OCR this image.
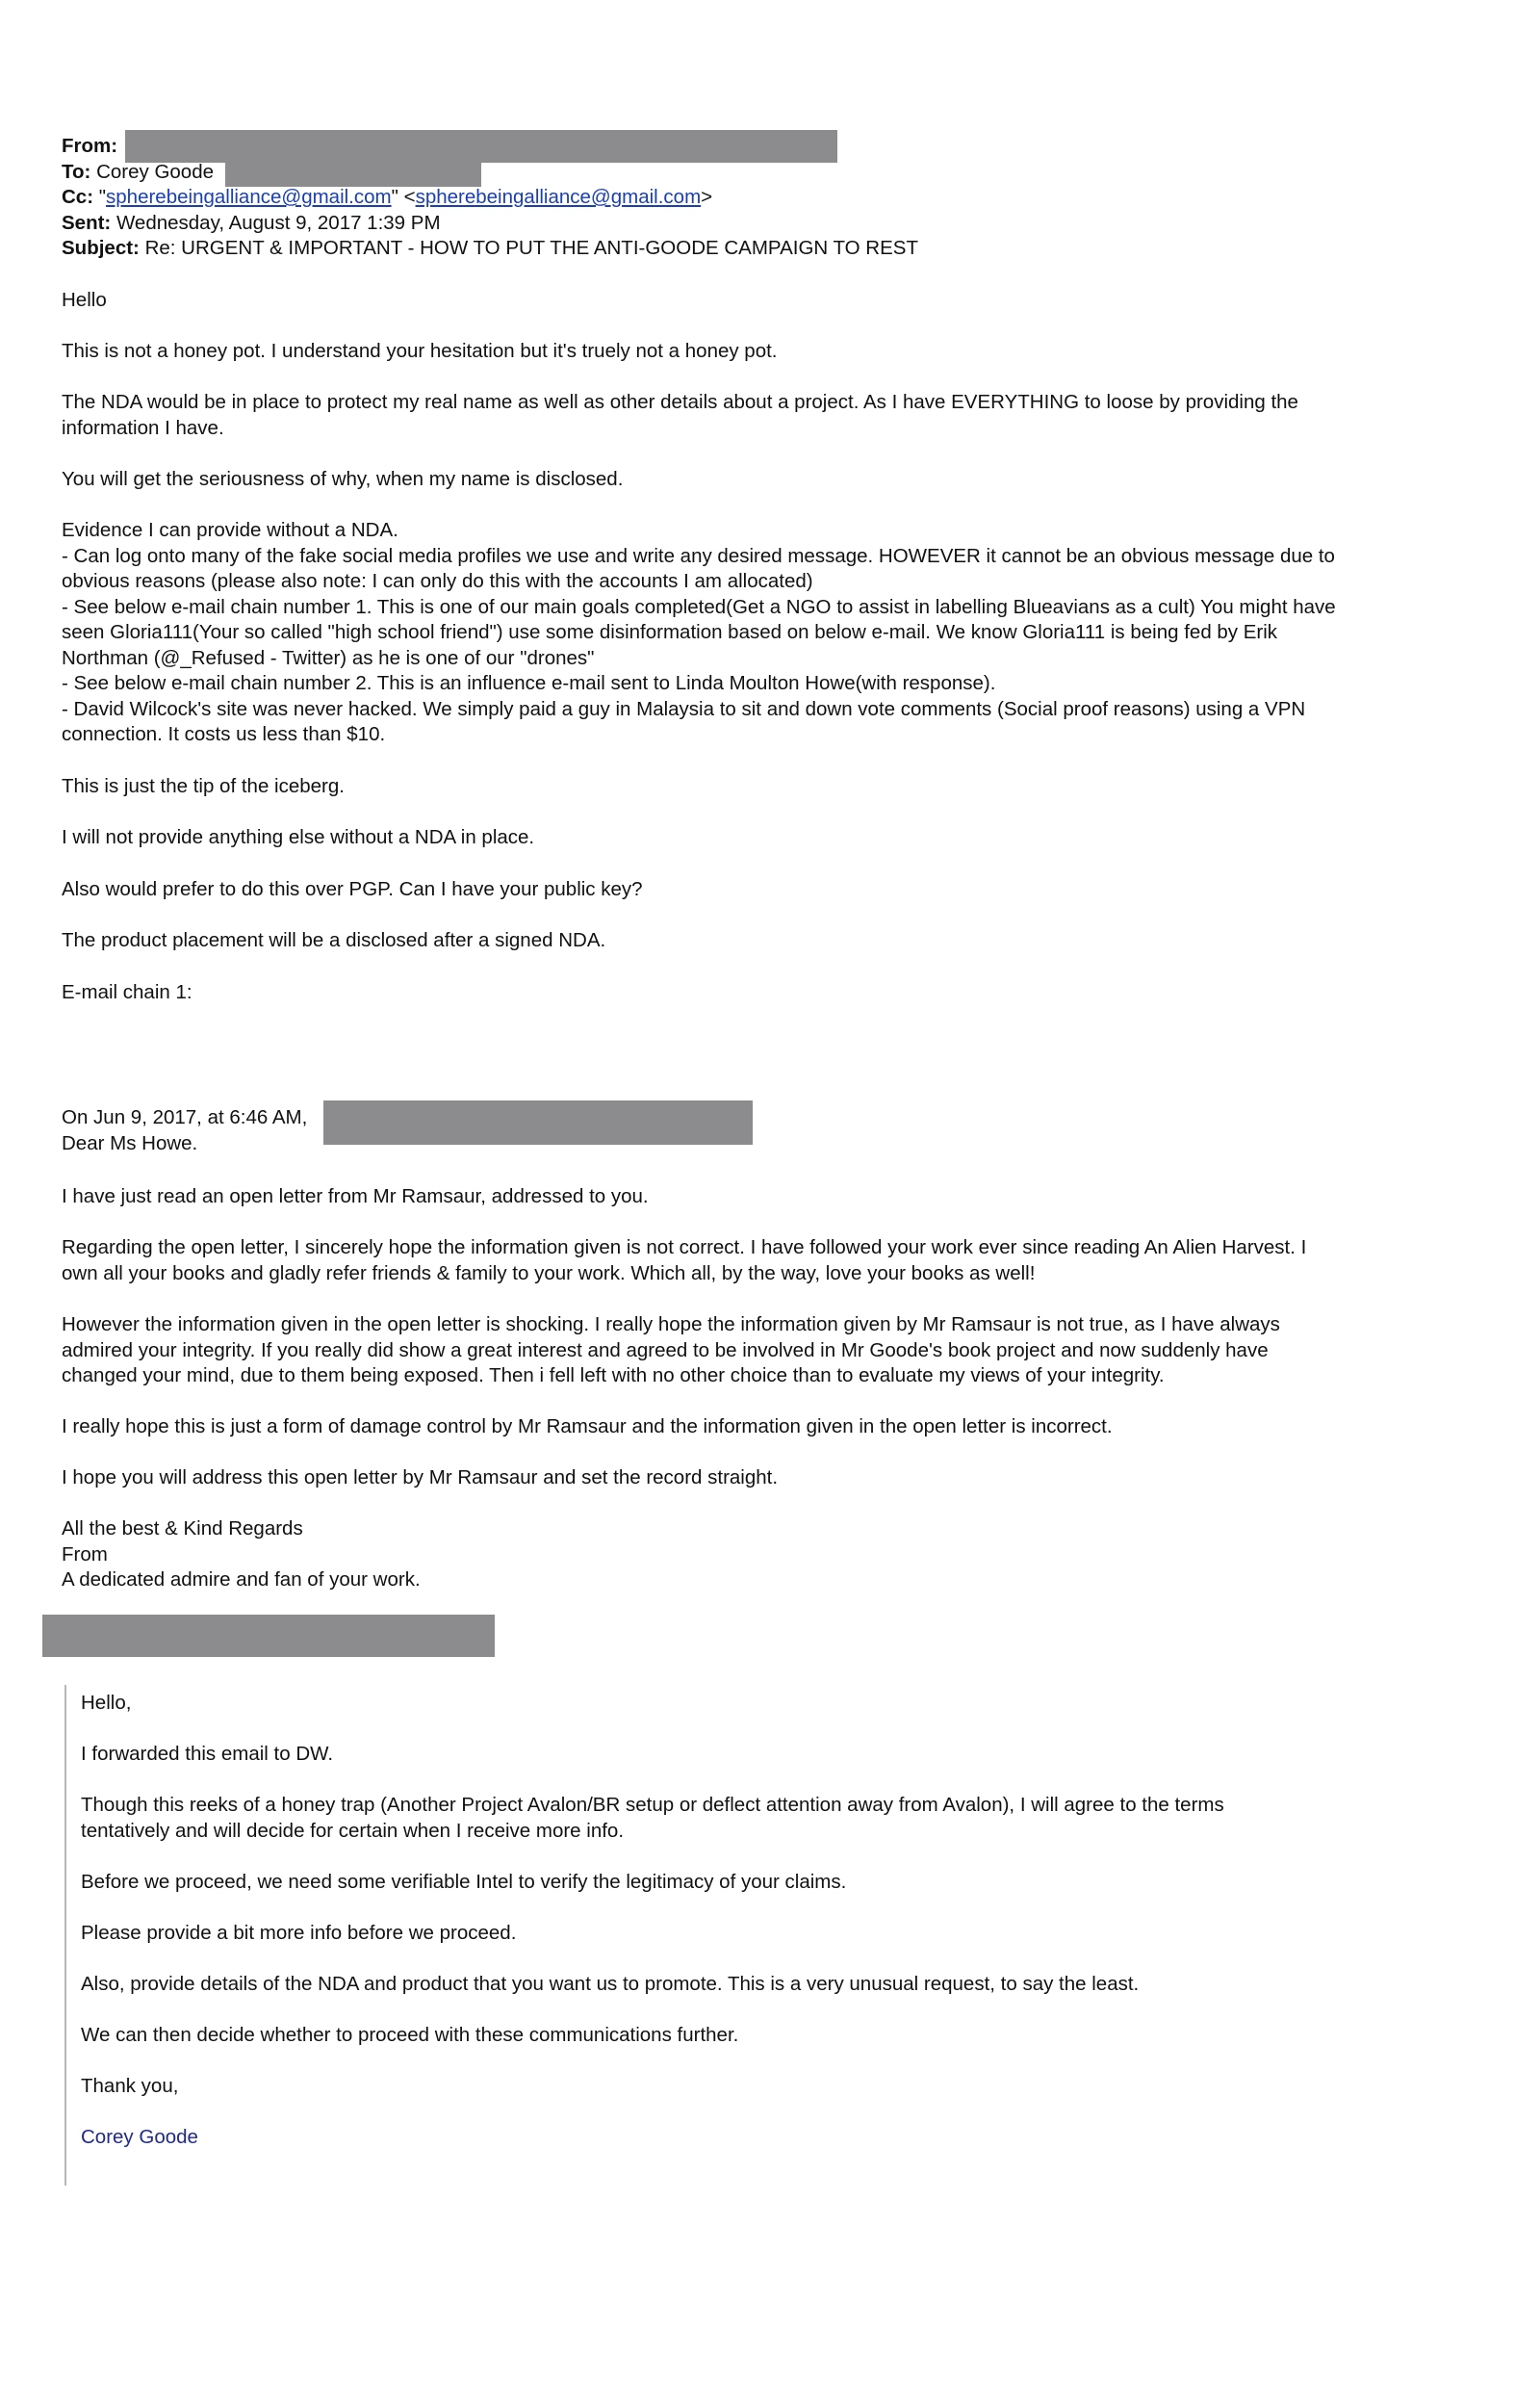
From:

To: Corey Goode

Cc: "spherebeingalliance@gmail.com" <spherebeingalliance@gmail.com>

Sent: Wednesday, August 9, 2017 1:39 PM

Subject: Re: URGENT & IMPORTANT - HOW TO PUT THE ANTI-GOODE CAMPAIGN TO REST

Hello

This is not a honey pot. I understand your hesitation but it's truely not a honey pot.

The NDA would be in place to protect my real name as well as other details about a project. As I have EVERYTHING to loose by providing the

information I have.

You will get the seriousness of why, when my name is disclosed.

Evidence I can provide without a NDA.

- Can log onto many of the fake social media profiles we use and write any desired message. HOWEVER it cannot be an obvious message due to

obvious reasons (please also note: I can only do this with the accounts I am allocated)

- See below e-mail chain number 1. This is one of our main goals completed(Get a NGO to assist in labelling Blueavians as a cult) You might have

seen Gloria111(Your so called "high school friend") use some disinformation based on below e-mail. We know Gloria111 is being fed by Erik

Northman (@_Refused - Twitter) as he is one of our "drones"

- See below e-mail chain number 2. This is an influence e-mail sent to Linda Moulton Howe(with response).

- David Wilcock's site was never hacked. We simply paid a guy in Malaysia to sit and down vote comments (Social proof reasons) using a VPN

connection. It costs us less than $10.

This is just the tip of the iceberg.

I will not provide anything else without a NDA in place.

Also would prefer to do this over PGP. Can I have your public key?

The product placement will be a disclosed after a signed NDA.

E-mail chain 1:

On Jun 9, 2017, at 6:46 AM,

Dear Ms Howe.

I have just read an open letter from Mr Ramsaur, addressed to you.

Regarding the open letter, I sincerely hope the information given is not correct. I have followed your work ever since reading An Alien Harvest. I

own all your books and gladly refer friends & family to your work. Which all, by the way, love your books as well!

However the information given in the open letter is shocking. I really hope the information given by Mr Ramsaur is not true, as I have always

admired your integrity. If you really did show a great interest and agreed to be involved in Mr Goode's book project and now suddenly have

changed your mind, due to them being exposed. Then i fell left with no other choice than to evaluate my views of your integrity.

I really hope this is just a form of damage control by Mr Ramsaur and the information given in the open letter is incorrect.

I hope you will address this open letter by Mr Ramsaur and set the record straight.

All the best & Kind Regards

From

A dedicated admire and fan of your work.

Hello,

I forwarded this email to DW.

Though this reeks of a honey trap (Another Project Avalon/BR setup or deflect attention away from Avalon), I will agree to the terms

tentatively and will decide for certain when I receive more info.

Before we proceed, we need some verifiable Intel to verify the legitimacy of your claims.

Please provide a bit more info before we proceed.

Also, provide details of the NDA and product that you want us to promote. This is a very unusual request, to say the least.

We can then decide whether to proceed with these communications further.

Thank you,

Corey Goode
